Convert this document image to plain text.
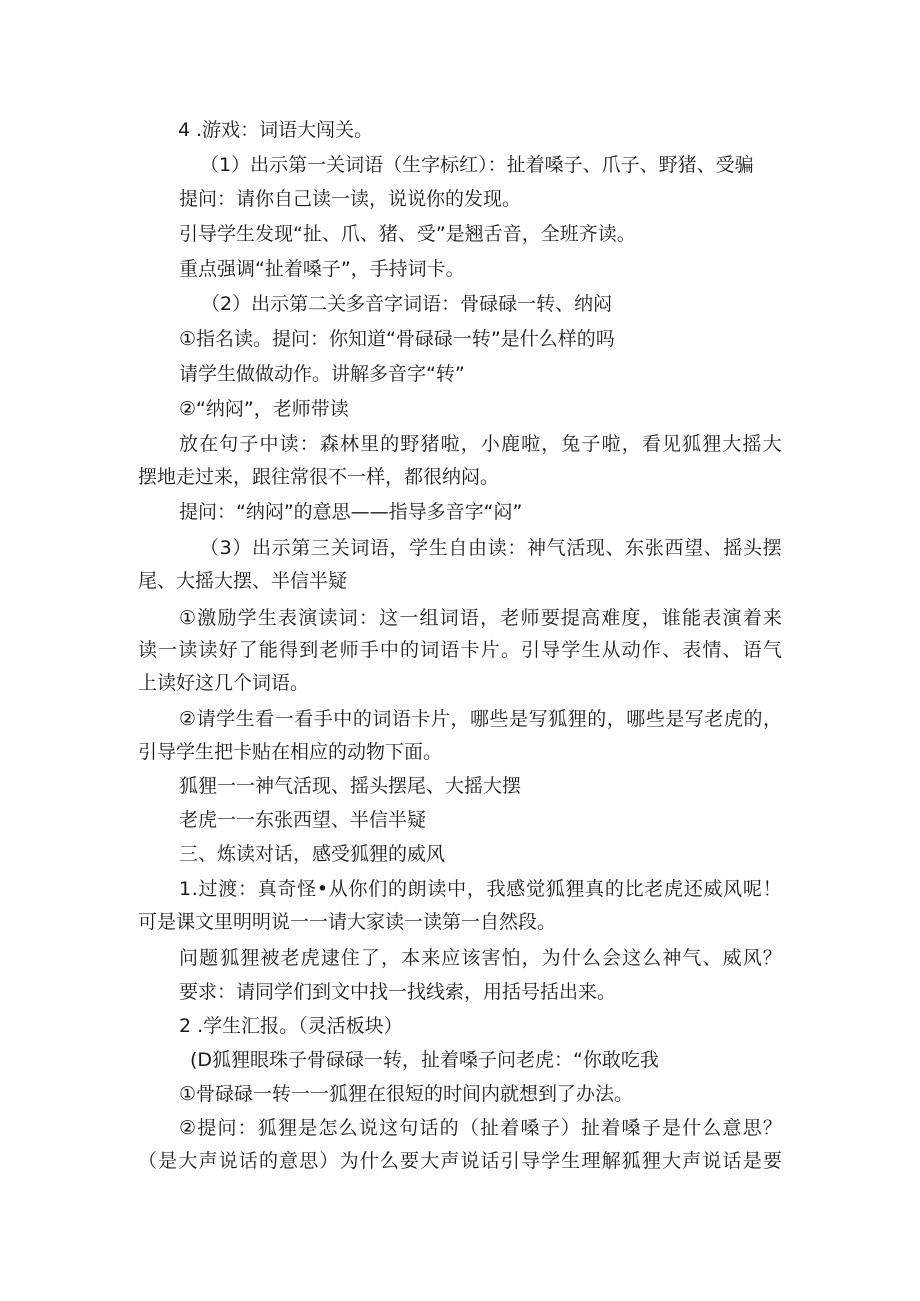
4 .游戏：词语大闯关。

（1）出示第一关词语（生字标红）：扯着嗓子、爪子、野猪、受骗

提问：请你自己读一读，说说你的发现。

引导学生发现“扯、爪、猪、受”是翘舌音，全班齐读。

重点强调“扯着嗓子”，手持词卡。

（2）出示第二关多音字词语：骨碌碌一转、纳闷

①指名读。提问：你知道“骨碌碌一转”是什么样的吗

请学生做做动作。讲解多音字“转”

②“纳闷”，老师带读

放 在 句 子 中 读 ： 森 林 里 的 野 猪 啦 ， 小 鹿 啦 ， 兔 子 啦 ， 看 见 狐 狸 大 摇 大

摆地走过来，跟往常很不一样，都很纳闷。

提问：“纳闷”的意思——指导多音字“闷”

（ 3 ） 出 示 第 三 关 词 语 ， 学 生 自 由 读 ： 神 气 活 现 、 东 张 西 望 、 摇 头 摆

尾、大摇大摆、半信半疑

① 激 励 学 生 表 演 读 词 ： 这 一 组 词 语 ， 老 师 要 提 高 难 度 ， 谁 能 表 演 着 来

读 一 读 读 好 了 能 得 到 老 师 手 中 的 词 语 卡 片 。 引 导 学 生 从 动 作 、 表 情 、 语 气

上读好这几个词语。

② 请 学 生 看 一 看 手 中 的 词 语 卡 片 ， 哪 些 是 写 狐 狸 的 ， 哪 些 是 写 老 虎 的 ，

引导学生把卡贴在相应的动物下面。

狐狸一一神气活现、摇头摆尾、大摇大摆

老虎一一东张西望、半信半疑

三、炼读对话，感受狐狸的威风

1 . 过 渡 ： 真 奇 怪 • 从 你 们 的 朗 读 中 ， 我 感 觉 狐 狸 真 的 比 老 虎 还 威 风 呢 ！

可是课文里明明说一一请大家读一读第一自然段。

问 题 狐 狸 被 老 虎 逮 住 了 ， 本 来 应 该 害 怕 ， 为 什 么 会 这 么 神 气 、 威 风 ？

要求：请同学们到文中找一找线索，用括号括出来。

2 .学生汇报。（灵活板块）

(D狐狸眼珠子骨碌碌一转，扯着嗓子问老虎：“你敢吃我

①骨碌碌一转一一狐狸在很短的时间内就想到了办法。

② 提 问 ： 狐 狸 是 怎 么 说 这 句 话 的 （ 扯 着 嗓 子 ） 扯 着 嗓 子 是 什 么 意 思 ？

（ 是 大 声 说 话 的 意 思 ） 为 什 么 要 大 声 说 话 引 导 学 生 理 解 狐 狸 大 声 说 话 是 要
